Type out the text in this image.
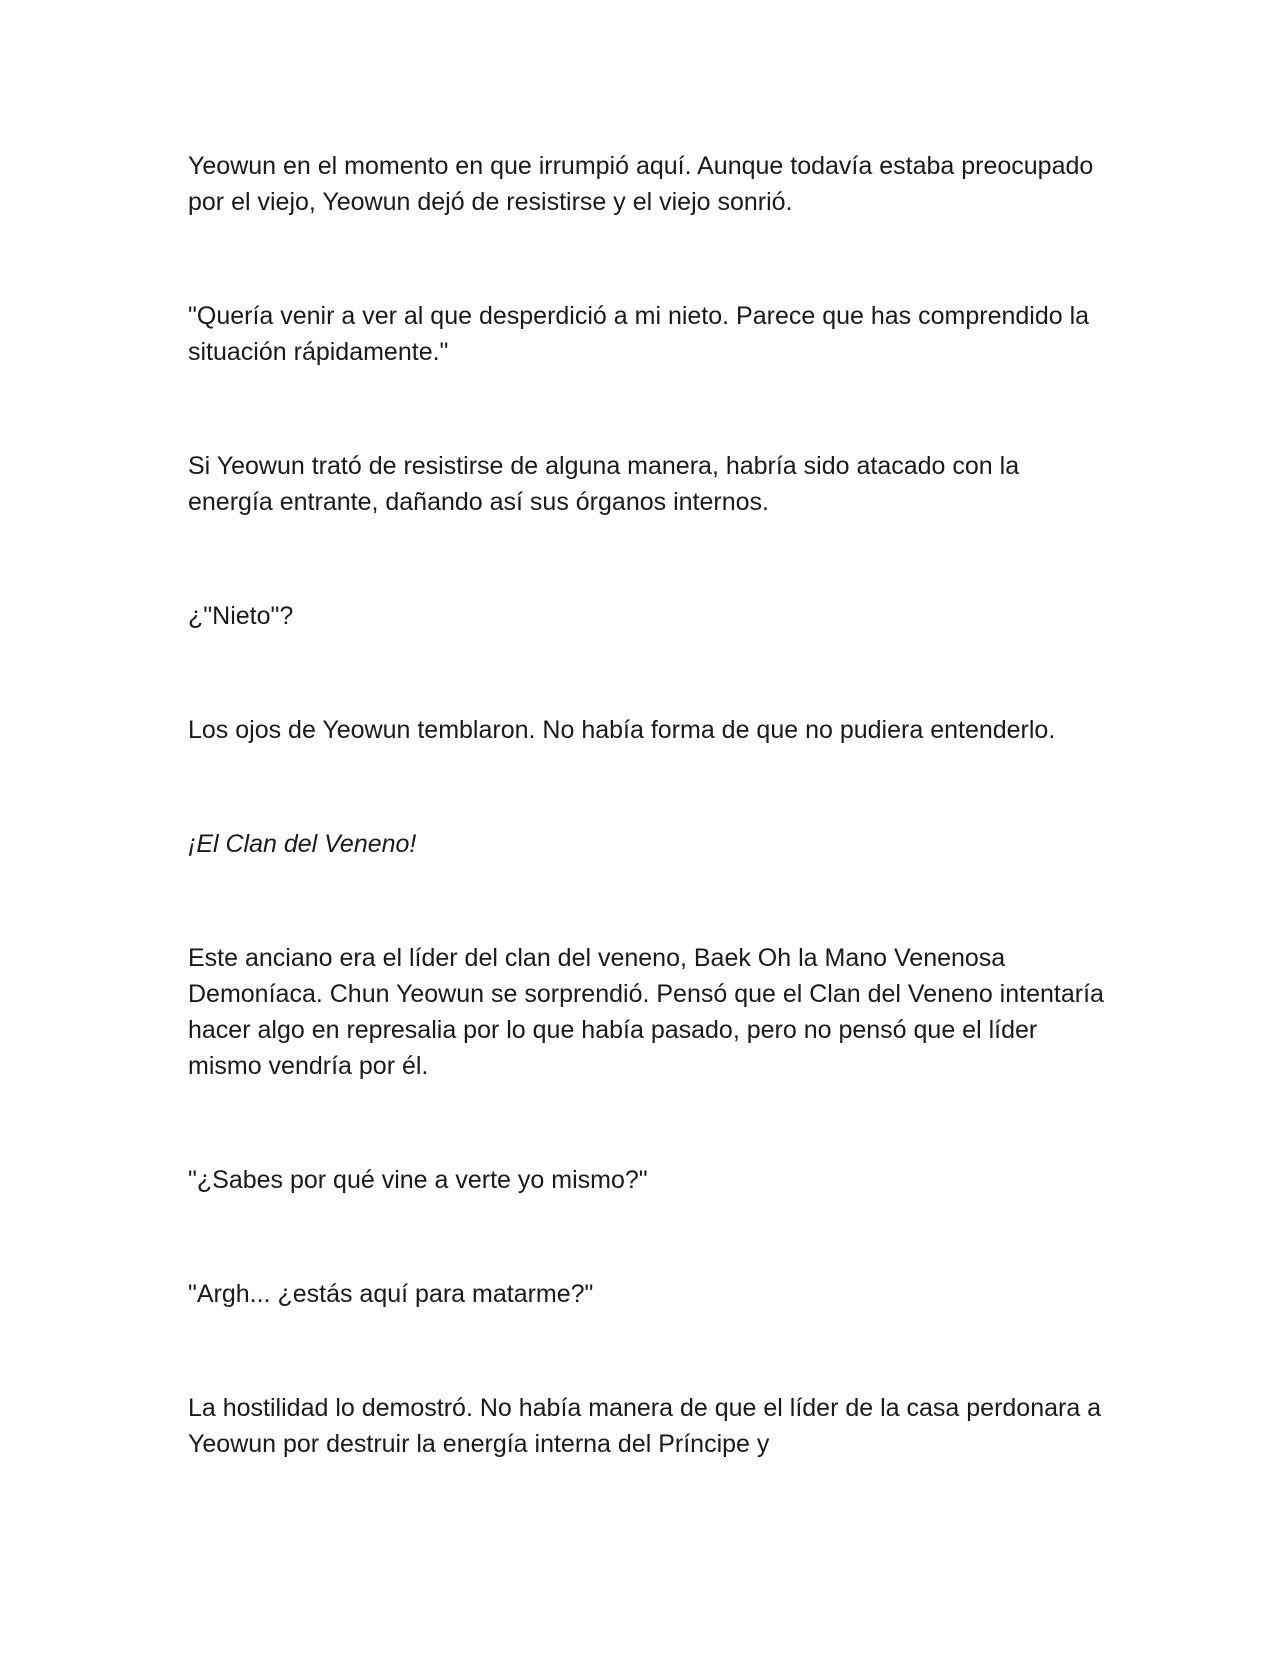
Yeowun en el momento en que irrumpió aquí. Aunque todavía estaba preocupado por el viejo, Yeowun dejó de resistirse y el viejo sonrió.

"Quería venir a ver al que desperdició a mi nieto. Parece que has comprendido la situación rápidamente."

Si Yeowun trató de resistirse de alguna manera, habría sido atacado con la energía entrante, dañando así sus órganos internos.

¿"Nieto"?

Los ojos de Yeowun temblaron. No había forma de que no pudiera entenderlo.

¡El Clan del Veneno!

Este anciano era el líder del clan del veneno, Baek Oh la Mano Venenosa Demoníaca. Chun Yeowun se sorprendió. Pensó que el Clan del Veneno intentaría hacer algo en represalia por lo que había pasado, pero no pensó que el líder mismo vendría por él.

"¿Sabes por qué vine a verte yo mismo?"

"Argh... ¿estás aquí para matarme?"

La hostilidad lo demostró. No había manera de que el líder de la casa perdonara a Yeowun por destruir la energía interna del Príncipe y
